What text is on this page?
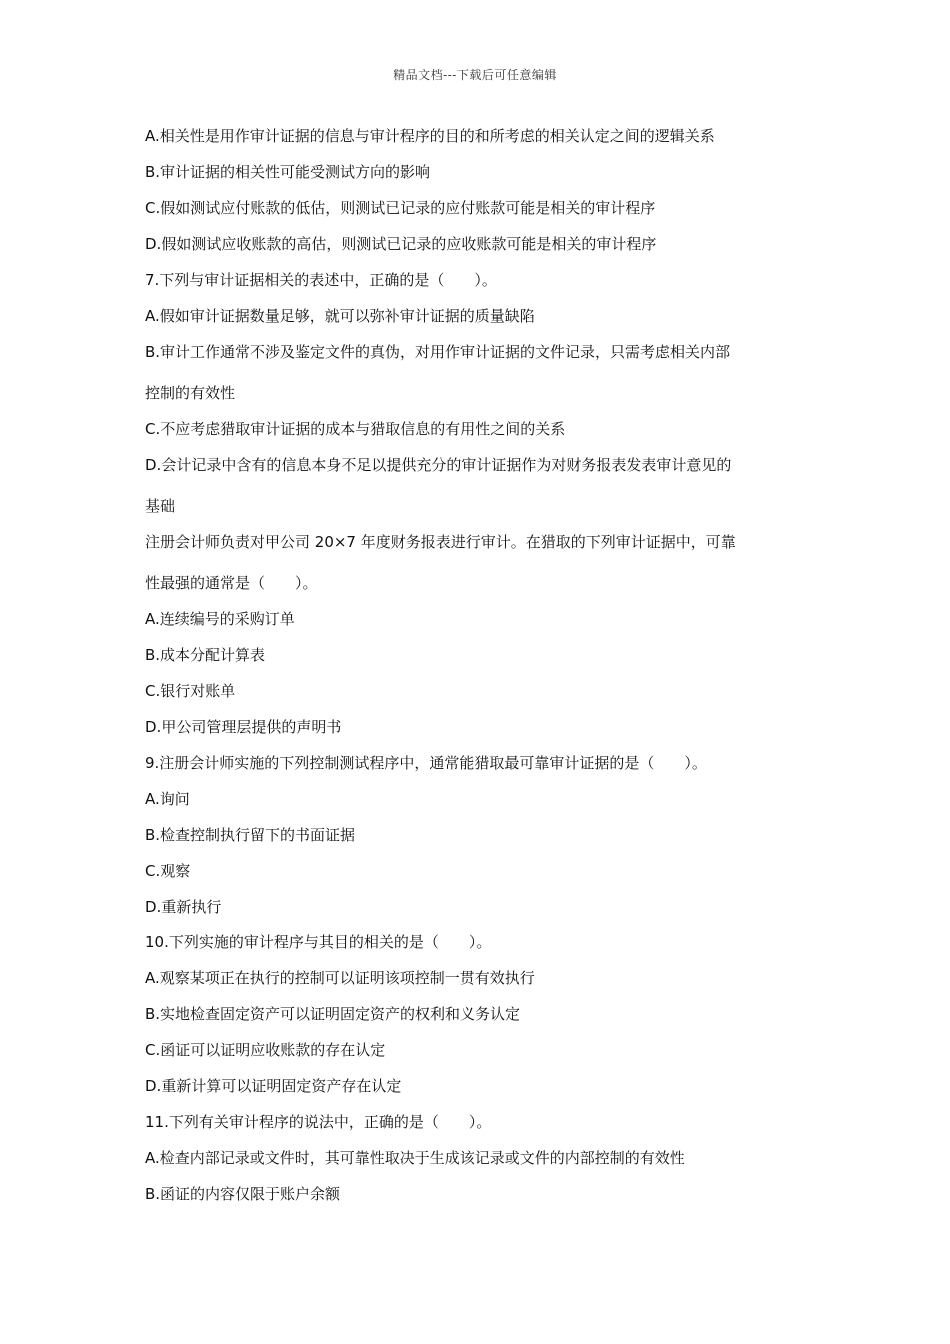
精品文档---下载后可任意编辑
A.相关性是用作审计证据的信息与审计程序的目的和所考虑的相关认定之间的逻辑关系
B.审计证据的相关性可能受测试方向的影响
C.假如测试应付账款的低估，则测试已记录的应付账款可能是相关的审计程序
D.假如测试应收账款的高估，则测试已记录的应收账款可能是相关的审计程序
7.下列与审计证据相关的表述中，正确的是（　　）。
A.假如审计证据数量足够，就可以弥补审计证据的质量缺陷
B.审计工作通常不涉及鉴定文件的真伪，对用作审计证据的文件记录，只需考虑相关内部
控制的有效性
C.不应考虑猎取审计证据的成本与猎取信息的有用性之间的关系
D.会计记录中含有的信息本身不足以提供充分的审计证据作为对财务报表发表审计意见的
基础
注册会计师负责对甲公司 20×7 年度财务报表进行审计。在猎取的下列审计证据中，可靠
性最强的通常是（　　）。
A.连续编号的采购订单
B.成本分配计算表
C.银行对账单
D.甲公司管理层提供的声明书
9.注册会计师实施的下列控制测试程序中，通常能猎取最可靠审计证据的是（　　）。
A.询问
B.检查控制执行留下的书面证据
C.观察
D.重新执行
10.下列实施的审计程序与其目的相关的是（　　）。
A.观察某项正在执行的控制可以证明该项控制一贯有效执行
B.实地检查固定资产可以证明固定资产的权利和义务认定
C.函证可以证明应收账款的存在认定
D.重新计算可以证明固定资产存在认定
11.下列有关审计程序的说法中，正确的是（　　）。
A.检查内部记录或文件时，其可靠性取决于生成该记录或文件的内部控制的有效性
B.函证的内容仅限于账户余额
